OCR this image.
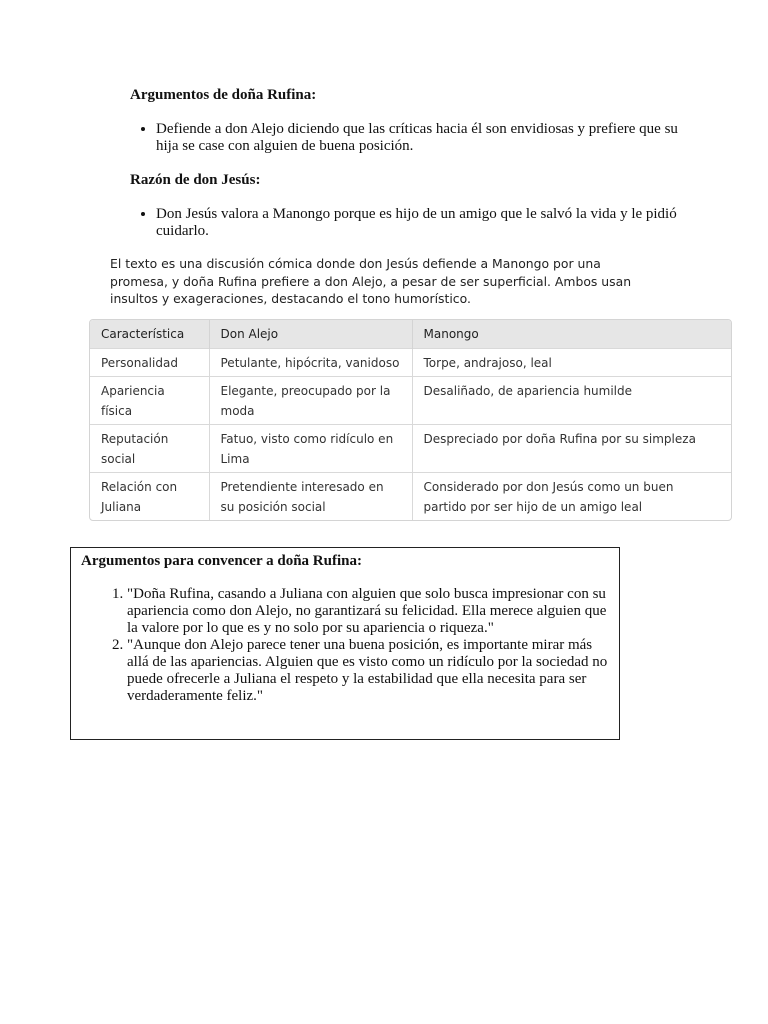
Argumentos de doña Rufina:
• Defiende a don Alejo diciendo que las críticas hacia él son envidiosas y prefiere que su hija se case con alguien de buena posición.
Razón de don Jesús:
• Don Jesús valora a Manongo porque es hijo de un amigo que le salvó la vida y le pidió cuidarlo.
El texto es una discusión cómica donde don Jesús defiende a Manongo por una promesa, y doña Rufina prefiere a don Alejo, a pesar de ser superficial. Ambos usan insultos y exageraciones, destacando el tono humorístico.
Característica	Don Alejo	Manongo
Personalidad	Petulante, hipócrita, vanidoso	Torpe, andrajoso, leal
Apariencia física	Elegante, preocupado por la moda	Desaliñado, de apariencia humilde
Reputación social	Fatuo, visto como ridículo en Lima	Despreciado por doña Rufina por su simpleza
Relación con Juliana	Pretendiente interesado en su posición social	Considerado por don Jesús como un buen partido por ser hijo de un amigo leal
Argumentos para convencer a doña Rufina:
1. "Doña Rufina, casando a Juliana con alguien que solo busca impresionar con su apariencia como don Alejo, no garantizará su felicidad. Ella merece alguien que la valore por lo que es y no solo por su apariencia o riqueza."
2. "Aunque don Alejo parece tener una buena posición, es importante mirar más allá de las apariencias. Alguien que es visto como un ridículo por la sociedad no puede ofrecerle a Juliana el respeto y la estabilidad que ella necesita para ser verdaderamente feliz."
